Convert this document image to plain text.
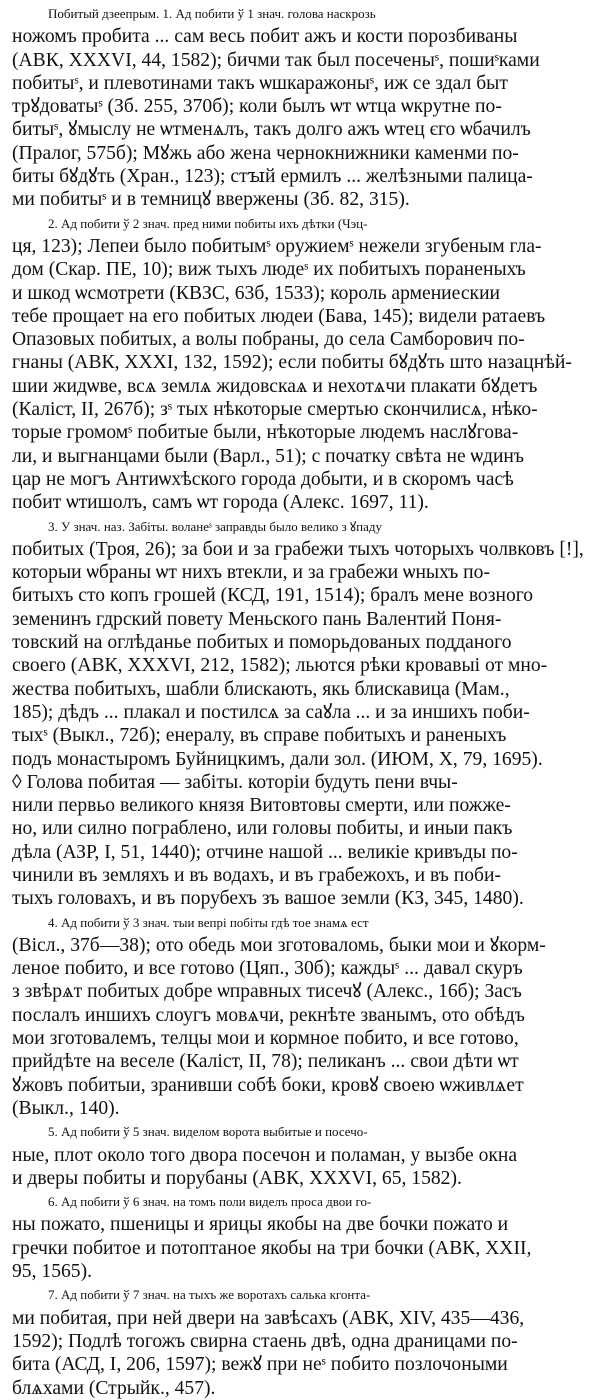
Побитый дзеепрым. 1. Ад побити ў 1 знач. голова наскрозь
ножомъ пробита ... сам весь побит ажъ и кости порозбиваны
(АВК, XXXVI, 44, 1582); бичми так был посеченыˢ, пошиˢками
побитыˢ, и плевотинами такъ ѡшкаражоныˢ, иж се здал быт
трꙋдоватыˢ (Зб. 255, 370б); коли былъ ѡт ѡтца ѡкрутне по-
битыˢ, ꙋмыслу не ѡтменѧлъ, такъ долго ажъ ѡтец єго ѡбачилъ
(Пралог, 575б); Мꙋжь або жена чернокнижники каменми по-
биты бꙋдꙋть (Хран., 123); стꙑй ермилъ ... желѣзными палица-
ми побитыˢ и в темницꙋ ввержены (Зб. 82, 315).
2. Ад побити ў 2 знач. пред ними побиты ихъ дѣтки (Чэц-
ця, 123); Лепеи было побитымˢ оружиемˢ нежели згубеным гла-
дом (Скар. ПЕ, 10); виж тыхъ людеˢ их побитыхъ пораненыхъ
и шкод ѡсмотрети (КВЗС, 63б, 1533); король армениескии
тебе прощает на его побитых людеи (Бава, 145); видели ратаевъ
Опазовых побитых, а волы побраны, до села Самборович по-
гнаны (АВК, XXXI, 132, 1592); если побиты бꙋдꙋть што назацнѣй-
шии жидѡве, всѧ землѧ жидовскаѧ и нехотѧчи плакати бꙋдетъ
(Каліст, II, 267б); зˢ тых нѣкоторые смертью скончилисѧ, нѣко-
торые громомˢ побитые были, нѣкоторые людемъ наслꙋгова-
ли, и выгнанцами были (Варл., 51); с початку свѣта не ѡдинъ
цар не могъ Антиѡхѣского города добыти, и в скоромъ часѣ
побит ѡтишолъ, самъ ѡт города (Алекс. 1697, 11).
3. У знач. наз. Забіты. воланеˢ заправды было велико з ꙋпаду
побитых (Троя, 26); за бои и за грабежи тыхъ чоторыхъ чолвковъ [!],
которыи ѡбраны ѡт нихъ втекли, и за грабежи ѡныхъ по-
битыхъ сто копъ грошей (КСД, 191, 1514); бралъ мене возного
земенинъ гдрский повету Меньского пань Валентий Поня-
товский на оглѣданье побитых и поморьдованых подданого
своего (АВК, XXXVI, 212, 1582); льются рѣки кровавыі от мно-
жества побитыхъ, шабли блискають, якь блискавица (Мам.,
185); дѣдъ ... плакал и постилсѧ за саꙋла ... и за иншихъ поби-
тыхˢ (Выкл., 72б); енералу, въ справе побитыхъ и раненыхъ
подъ монастыромъ Буйницкимъ, дали зол. (ИЮМ, X, 79, 1695).
◊ Голова побитая — забіты. которіи будуть пени вчы-
нили первьо великого князя Витовтовы смерти, или пожже-
но, или силно пограблено, или головы побиты, и иныи пакъ
дѣла (АЗР, I, 51, 1440); отчине нашой ... великіе кривъды по-
чинили въ земляхъ и въ водахъ, и въ грабежохъ, и въ поби-
тыхъ головахъ, и въ порубехъ зъ вашое земли (КЗ, 345, 1480).
4. Ад побити ў 3 знач. тыи вепрі побіты гдѣ тое знамѧ ест
(Віcл., 37б—38); ото обедь мои зготоваломь, быки мои и ꙋкорм-
леное побито, и все готово (Цяп., 30б); каждыˢ ... давал скуръ
з звѣрѧт побитых добре ѡправных тисечꙋ (Алекс., 16б); Засъ
послалъ иншихъ слоугъ мовѧчи, рекнѣте званымъ, ото обѣдъ
мои зготовалемъ, телцы мои и кормное побито, и все готово,
прийдѣте на веселе (Каліст, II, 78); пеликанъ ... свои дѣти ѡт
ꙋжовъ побитыи, зранивши собѣ боки, кровꙋ своею ѡживлѧет
(Выкл., 140).
5. Ад побити ў 5 знач. виделом ворота выбитые и посечо-
ные, плот около того двора посечон и поламан, у вызбе окна
и дверы побиты и порубаны (АВК, XXXVI, 65, 1582).
6. Ад побити ў 6 знач. на томъ поли виделъ проса двои го-
ны пожато, пшеницы и ярицы якобы на две бочки пожато и
гречки побитое и потоптаное якобы на три бочки (АВК, XXII,
95, 1565).
7. Ад побити ў 7 знач. на тыхъ же воротахъ салька кгонта-
ми побитая, при ней двери на завѣсахъ (АВК, XIV, 435—436,
1592); Подлѣ тогожъ свирна стаень двѣ, одна драницами по-
бита (АСД, I, 206, 1597); вежꙋ при неˢ побито позлочоными
блѧхами (Стрыйк., 457).
